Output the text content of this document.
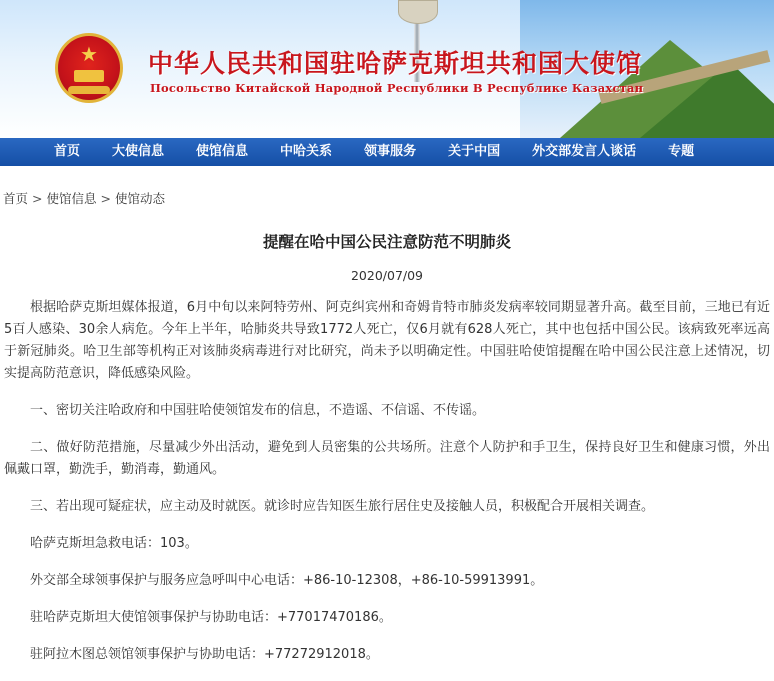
★ 中华人民共和国驻哈萨克斯坦共和国大使馆
Посольство Китайской Народной Республики В Республике Казахстан
首页	大使信息	使馆信息	中哈关系	领事服务	关于中国	外交部发言人谈话	专题
首页 > 使馆信息 > 使馆动态
提醒在哈中国公民注意防范不明肺炎
2020/07/09

根据哈萨克斯坦媒体报道，6月中旬以来阿特劳州、阿克纠宾州和奇姆肯特市肺炎发病率较同期显著升高。截至目前，三地已有近5百人感染、30余人病危。今年上半年，哈肺炎共导致1772人死亡，仅6月就有628人死亡，其中也包括中国公民。该病致死率远高于新冠肺炎。哈卫生部等机构正对该肺炎病毒进行对比研究，尚未予以明确定性。中国驻哈使馆提醒在哈中国公民注意上述情况，切实提高防范意识，降低感染风险。

一、密切关注哈政府和中国驻哈使领馆发布的信息，不造谣、不信谣、不传谣。

二、做好防范措施，尽量减少外出活动，避免到人员密集的公共场所。注意个人防护和手卫生，保持良好卫生和健康习惯，外出佩戴口罩，勤洗手，勤消毒，勤通风。

三、若出现可疑症状，应主动及时就医。就诊时应告知医生旅行居住史及接触人员，积极配合开展相关调查。

哈萨克斯坦急救电话：103。

外交部全球领事保护与服务应急呼叫中心电话：+86-10-12308，+86-10-59913991。

驻哈萨克斯坦大使馆领事保护与协助电话：+77017470186。

驻阿拉木图总领馆领事保护与协助电话：+77272912018。
